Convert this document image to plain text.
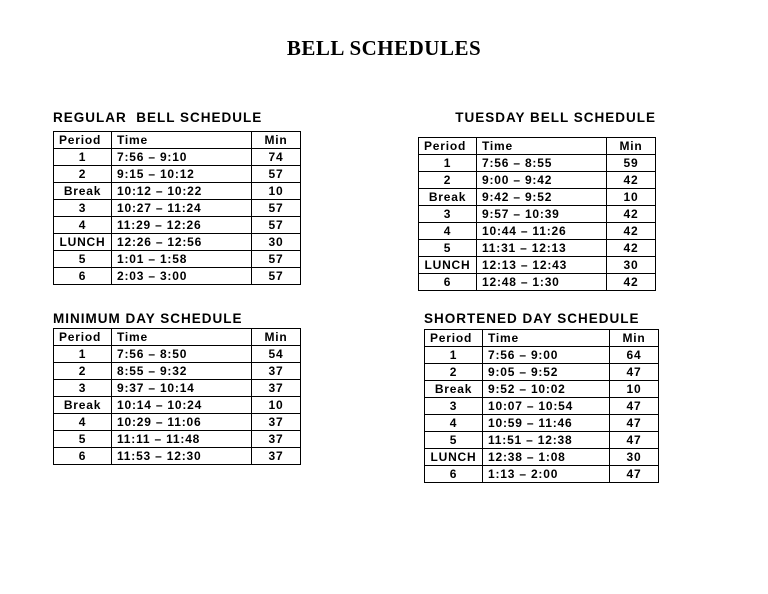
BELL SCHEDULES
REGULAR  BELL SCHEDULE
Period	Time	Min
1	7:56 – 9:10	74
2	9:15 – 10:12	57
Break	10:12 – 10:22	10
3	10:27 – 11:24	57
4	11:29 – 12:26	57
LUNCH	12:26 – 12:56	30
5	1:01 – 1:58	57
6	2:03 – 3:00	57
TUESDAY BELL SCHEDULE
Period	Time	Min
1	7:56 – 8:55	59
2	9:00 – 9:42	42
Break	9:42 – 9:52	10
3	9:57 – 10:39	42
4	10:44 – 11:26	42
5	11:31 – 12:13	42
LUNCH	12:13 – 12:43	30
6	12:48 – 1:30	42
MINIMUM DAY SCHEDULE
Period	Time	Min
1	7:56 – 8:50	54
2	8:55 – 9:32	37
3	9:37 – 10:14	37
Break	10:14 – 10:24	10
4	10:29 – 11:06	37
5	11:11 – 11:48	37
6	11:53 – 12:30	37
SHORTENED DAY SCHEDULE
Period	Time	Min
1	7:56 – 9:00	64
2	9:05 – 9:52	47
Break	9:52 – 10:02	10
3	10:07 – 10:54	47
4	10:59 – 11:46	47
5	11:51 – 12:38	47
LUNCH	12:38 – 1:08	30
6	1:13 – 2:00	47
